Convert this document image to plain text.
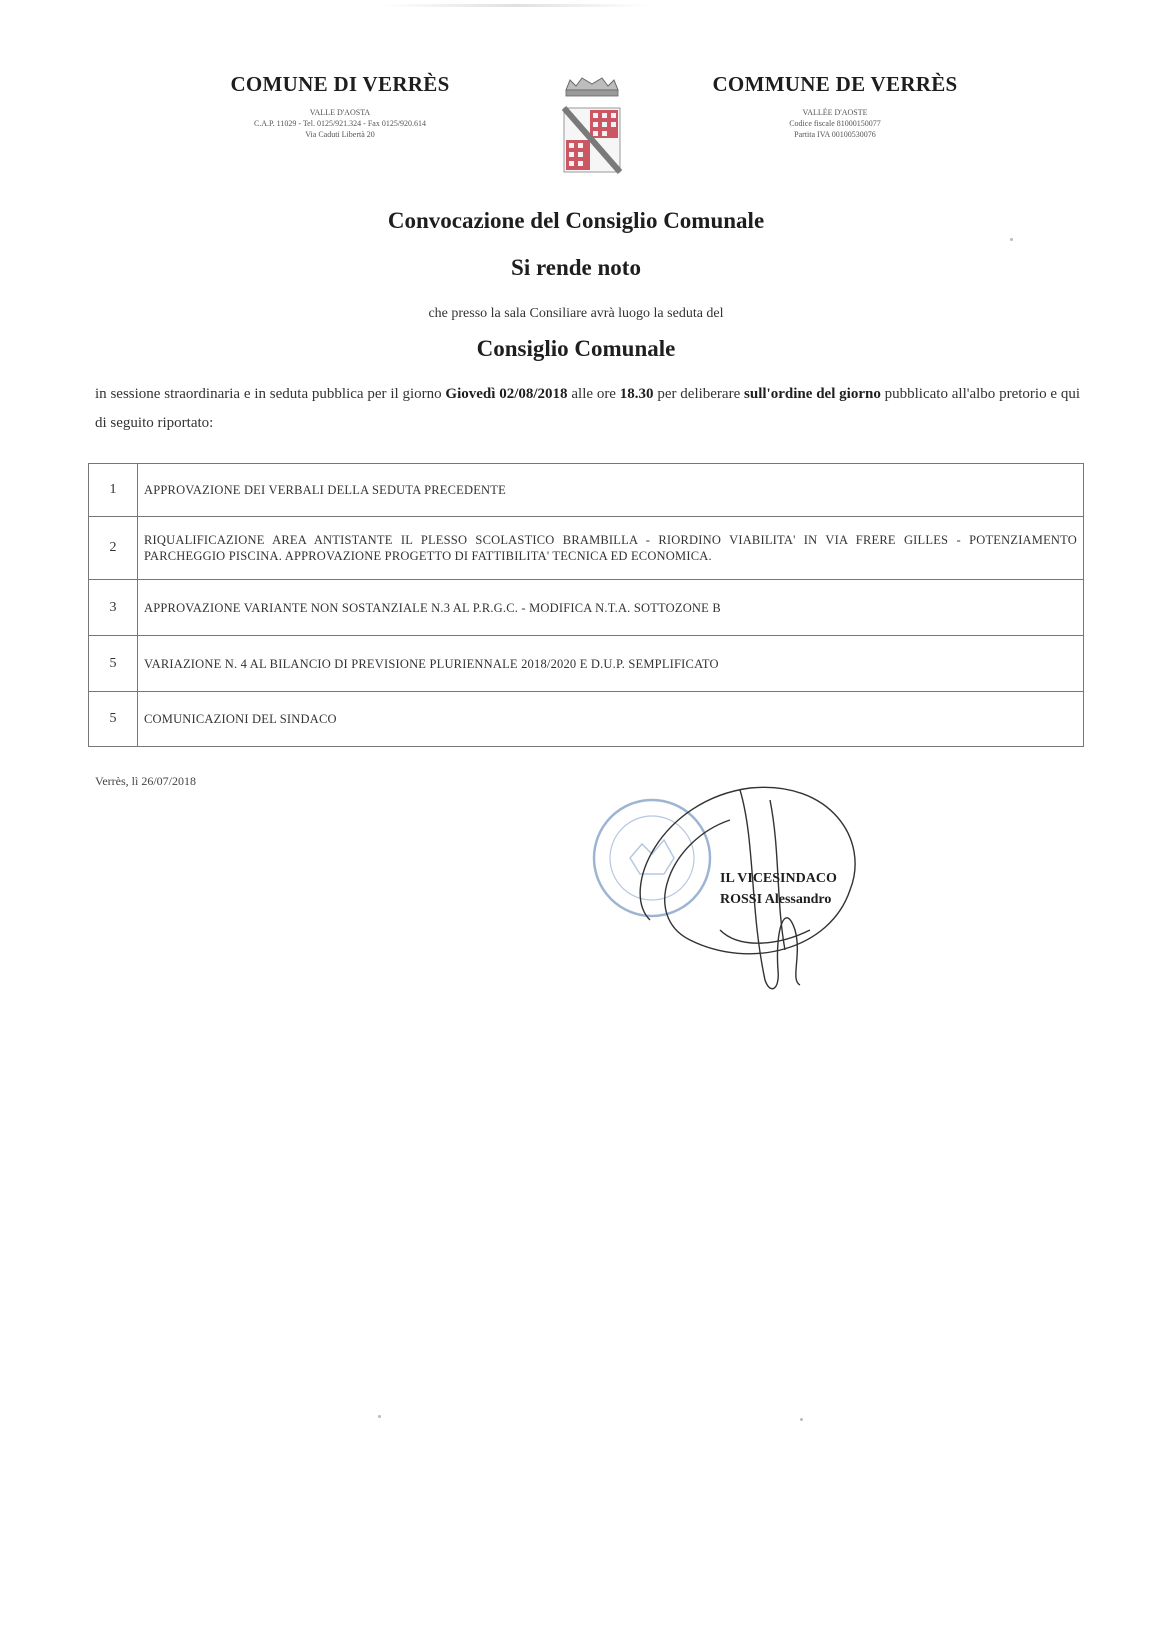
COMUNE DI VERRÈS

VALLE D'AOSTA

C.A.P. 11029 - Tel. 0125/921.324 - Fax 0125/920.614

Via Caduti Libertà 20

COMMUNE DE VERRÈS

VALLÉE D'AOSTE

Codice fiscale 81000150077

Partita IVA 00100530076

Convocazione del Consiglio Comunale
Si rende noto
che presso la sala Consiliare avrà luogo la seduta del
Consiglio Comunale
in sessione straordinaria e in seduta pubblica per il giorno Giovedì 02/08/2018 alle ore 18.30 per deliberare sull'ordine del giorno pubblicato all'albo pretorio e qui di seguito riportato:
1	APPROVAZIONE DEI VERBALI DELLA SEDUTA PRECEDENTE
2	RIQUALIFICAZIONE AREA ANTISTANTE IL PLESSO SCOLASTICO BRAMBILLA - RIORDINO VIABILITA' IN VIA FRERE GILLES - POTENZIAMENTO PARCHEGGIO PISCINA. APPROVAZIONE PROGETTO DI FATTIBILITA' TECNICA ED ECONOMICA.
3	APPROVAZIONE VARIANTE NON SOSTANZIALE N.3 AL P.R.G.C. - MODIFICA N.T.A. SOTTOZONE B
5	VARIAZIONE N. 4 AL BILANCIO DI PREVISIONE PLURIENNALE 2018/2020 E D.U.P. SEMPLIFICATO
5	COMUNICAZIONI DEL SINDACO
Verrès, lì 26/07/2018
IL VICESINDACO
ROSSI Alessandro
